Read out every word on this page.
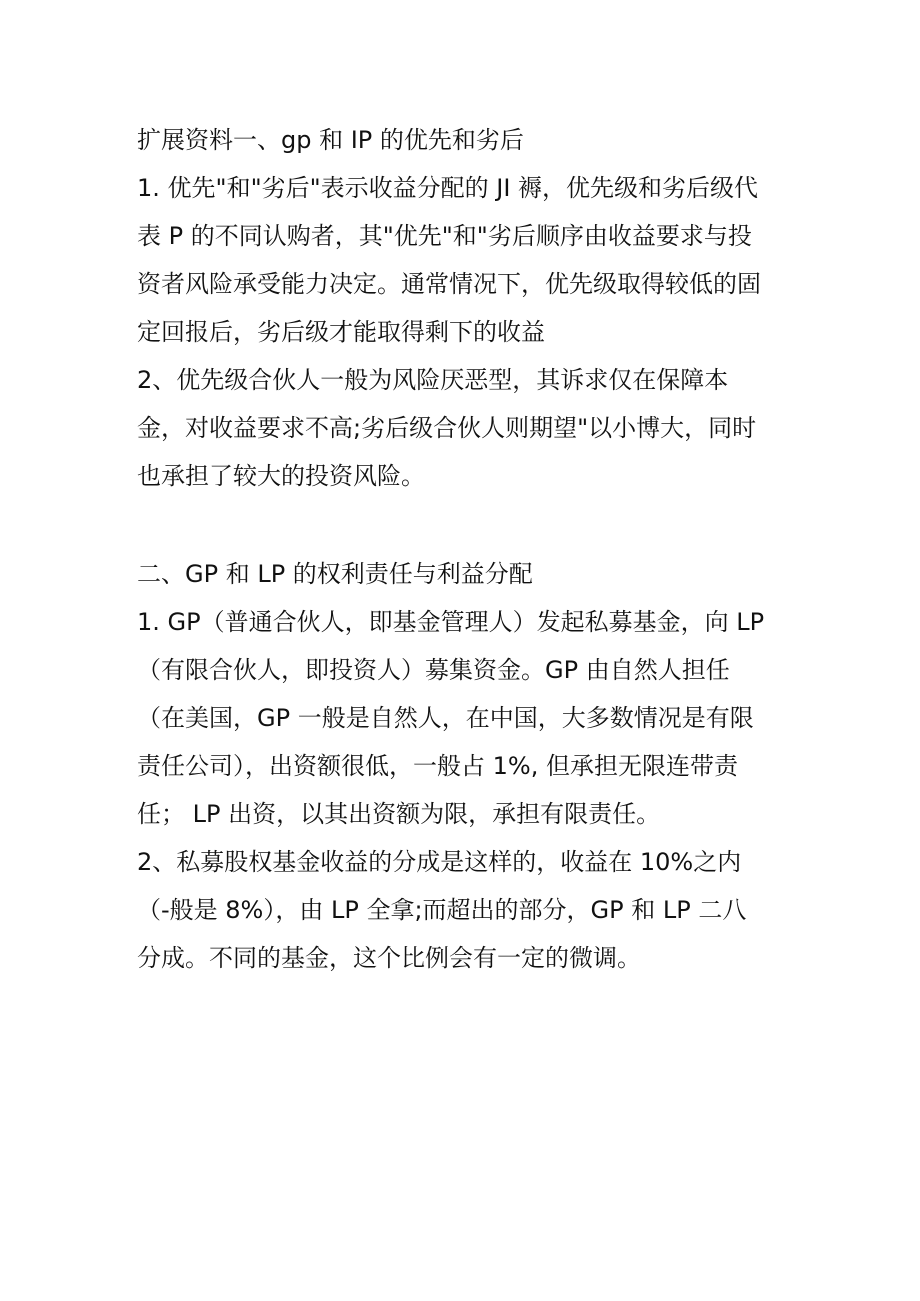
扩展资料一、gp 和 IP 的优先和劣后
1. 优先"和"劣后"表示收益分配的 JI 褥，优先级和劣后级代
表 P 的不同认购者，其"优先"和"劣后顺序由收益要求与投
资者风险承受能力决定。通常情况下，优先级取得较低的固
定回报后，劣后级才能取得剩下的收益
2、优先级合伙人一般为风险厌恶型，其诉求仅在保障本
金，对收益要求不高;劣后级合伙人则期望"以小博大，同时
也承担了较大的投资风险。
二、GP 和 LP 的权利责任与利益分配
1. GP（普通合伙人，即基金管理人）发起私募基金，向 LP
（有限合伙人，即投资人）募集资金。GP 由自然人担任
（在美国，GP 一般是自然人，在中国，大多数情况是有限
责任公司），出资额很低，一般占 1%, 但承担无限连带责
任； LP 出资，以其出资额为限，承担有限责任。
2、私募股权基金收益的分成是这样的，收益在 10%之内
（-般是 8%），由 LP 全拿;而超出的部分，GP 和 LP 二八
分成。不同的基金，这个比例会有一定的微调。
